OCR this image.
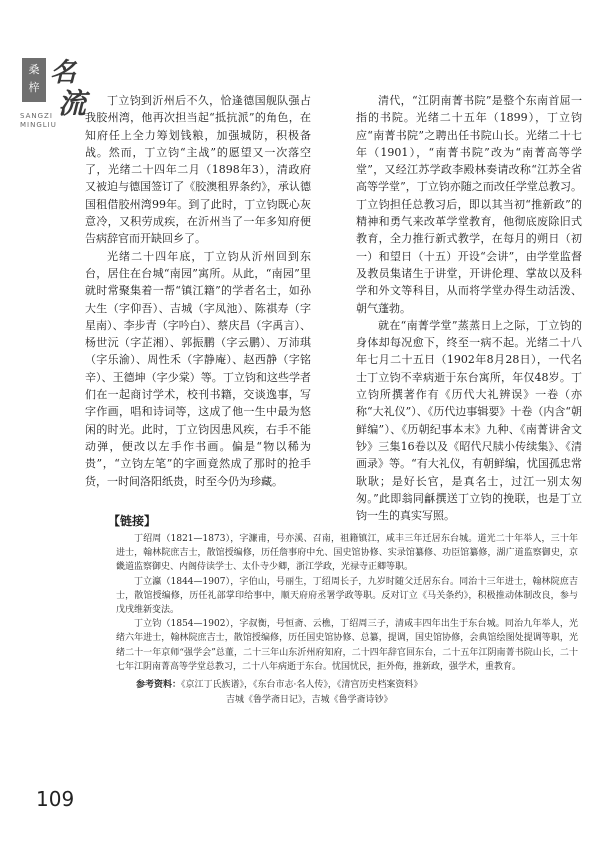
桑
梓 名
流
SANGZI
MINGLIU

丁立钧到沂州后不久，恰逢德国舰队强占我胶州湾，他再次担当起“抵抗派”的角色，在知府任上全力筹划钱粮，加强城防，积极备战。然而，丁立钧“主战”的愿望又一次落空了，光绪二十四年二月（1898年3），清政府又被迫与德国签订了《胶澳租界条约》，承认德国租借胶州湾99年。到了此时，丁立钧既心灰意冷，又积劳成疾，在沂州当了一年多知府便告病辞官而开缺回乡了。

光绪二十四年底，丁立钧从沂州回到东台，居住在台城“南园”寓所。从此，“南园”里就时常聚集着一帮“镇江籍”的学者名士，如孙大生（字仰吾）、吉城（字凤池）、陈祺寿（字星南）、李步青（字吟白）、蔡庆昌（字禹言）、杨世沅（字芷湘）、郭振鹏（字云鹏）、万沛琪（字乐渝）、周性禾（字静庵）、赵西静（字铭辛）、王德坤（字少棠）等。丁立钧和这些学者们在一起商讨学术，校刊书籍，交谈逸事，写字作画，唱和诗词等，这成了他一生中最为悠闲的时光。此时，丁立钧因患风疾，右手不能动弹，便改以左手作书画。偏是“物以稀为贵”，“立钧左笔”的字画竟然成了那时的抢手货，一时间洛阳纸贵，时至今仍为珍藏。

清代，“江阴南菁书院”是整个东南首屈一指的书院。光绪二十五年（1899），丁立钧应“南菁书院”之聘出任书院山长。光绪二十七年（1901），“南菁书院”改为“南菁高等学堂”，又经江苏学政李殿林奏请改称“江苏全省高等学堂”，丁立钧亦随之而改任学堂总教习。丁立钧担任总教习后，即以其当初“推新政”的精神和勇气来改革学堂教育，他彻底废除旧式教育，全力推行新式教学，在每月的朔日（初一）和望日（十五）开设“会讲”，由学堂监督及教员集诸生于讲堂，开讲伦理、掌故以及科学和外文等科目，从而将学堂办得生动活泼、朝气蓬勃。

就在“南菁学堂”蒸蒸日上之际，丁立钧的身体却每况愈下，终至一病不起。光绪二十八年七月二十五日（1902年8月28日），一代名士丁立钧不幸病逝于东台寓所，年仅48岁。丁立钧所撰著作有《历代大礼辨误》一卷（亦称“大礼仪”）、《历代边事辑要》十卷（内含“朝鲜编”）、《历朝纪事本末》九种、《南菁讲舍文钞》三集16卷以及《昭代尺牍小传续集》、《清画录》等。“有大礼仪，有朝鲜编，忧国孤忠常耿耿；是好长官，是真名士，过江一别太匆匆。”此即翁同龢撰送丁立钧的挽联，也是丁立钧一生的真实写照。

【链接】

丁绍周（1821—1873），字濂甫，号亦溪、召南，祖籍镇江，咸丰三年迁居东台城。道光二十年举人，三十年进士，翰林院庶吉士，散馆授编修，历任詹事府中允、国史馆协修、实录馆纂修、功臣馆纂修，湖广道监察御史，京畿道监察御史、内阁侍读学士、太仆寺少卿，浙江学政，光禄寺正卿等职。

丁立瀛（1844—1907），字伯山，号丽生，丁绍周长子，九岁时随父迁居东台。同治十三年进士，翰林院庶吉士，散馆授编修，历任礼部掌印给事中，顺天府府丞署学政等职。反对订立《马关条约》，积极推动体制改良，参与戊戌维新变法。

丁立钧（1854—1902），字叔衡，号恒斋、云樵，丁绍周三子，清咸丰四年出生于东台城。同治九年举人，光绪六年进士，翰林院庶吉士，散馆授编修，历任国史馆协修、总纂，提调，国史馆协修，会典馆绘图处提调等职，光绪二十一年京师“强学会”总董，二十三年山东沂州府知府，二十四年辞官回东台，二十五年江阴南菁书院山长，二十七年江阴南菁高等学堂总教习，二十八年病逝于东台。忧国忧民，拒外侮，推新政，强学术，重教育。

参考资料：《京江丁氏族谱》，《东台市志·名人传》，《清宫历史档案资料》
吉城《鲁学斋日记》，吉城《鲁学斋诗钞》
109
